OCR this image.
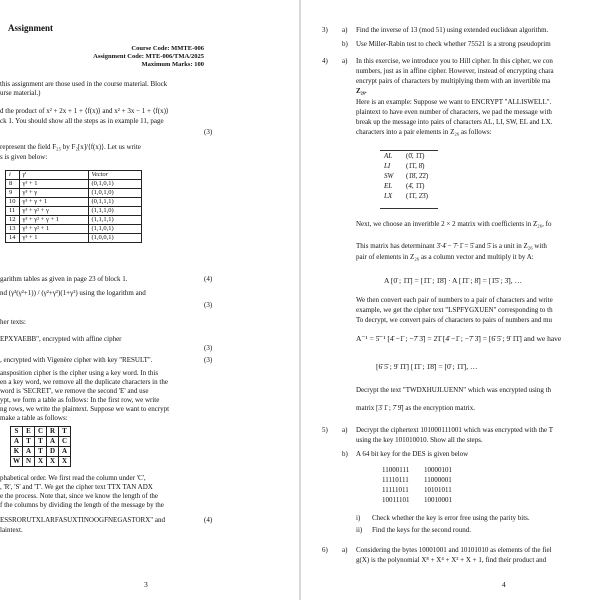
Assignment
Course Code: MMTE-006
Assignment Code: MTE-006/TMA/2025
Maximum Marks: 100
this assignment are those used in the course material. Block
urse material.)
d the product of x² + 2x + 1 + ⟨f(x)⟩ and x² + 3x − 1 + ⟨f(x)⟩
ck 1. You should show all the steps as in example 11, page
(3)
represent the field F₂₅ by F₂[x]/⟨f(x)⟩. Let us write
s is given below:
i	γⁱ	Vector
8	γ³ + 1	(0,1,0,1)
9	γ³ + γ	(1,0,1,0)
10	γ³ + γ + 1	(0,1,1,1)
11	γ³ + γ² + γ	(1,1,1,0)
12	γ³ + γ² + γ + 1	(1,1,1,1)
13	γ³ + γ² + 1	(1,1,0,1)
14	γ³ + 1	(1,0,0,1)
garithm tables as given in page 23 of block 1.	(4)
nd (γ³(γ²+1)) / (γ²+γ²)(1+γ²) using the logarithm and
(3)
her texts:
EPXYAEBB", encrypted with affine cipher
(3)
, encrypted with Vigenère cipher with key "RESULT".	(3)
ansposition cipher is the cipher using a key word. In this
en a key word, we remove all the duplicate characters in the
word is 'SECRET', we remove the second 'E' and use
ypt, we form a table as follows: In the first row, we write
ng rows, we write the plaintext. Suppose we want to encrypt
make a table as follows:
S	E	C	R	T
A	T	T	A	C
K	A	T	D	A
W	N	X	X	X
phabetical order. We first read the column under 'C',
, 'R', 'S' and 'T'. We get the cipher text TTX TAN ADX
e the process. Note that, since we know the length of the
f the columns by dividing the length of the message by the
ESSRORUTXLARFASUXTINOOGFNEGASTORX" and	(4)
laintext.
3
3) a) Find the inverse of 13 (mod 51) using extended euclidean algorithm.
b) Use Miller-Rabin test to check whether 75521 is a strong pseudoprim
4) a) In this exercise, we introduce you to Hill cipher. In this cipher, we con
numbers, just as in affine cipher. However, instead of encrypting chara
encrypt pairs of characters by multiplying them with an invertible ma
Z₂₆.
Here is an example: Suppose we want to ENCRYPT "ALLISWELL".
plaintext to have even number of characters, we pad the message with
break up the message into pairs of characters AL, LI, SW, EL and LX.
characters into a pair elements in Z₂₆ as follows:
AL (0̄, 1̄1̄)
LI (1̄1̄, 8̄)
SW (1̄8̄, 2̄2̄)
EL (4̄, 1̄1̄)
LX (1̄1̄, 2̄3̄)
Next, we choose an inveritble 2 × 2 matrix with coefficients in Z₂₆, fo
This matrix has determinant 3̄·4̄ − 7̄·1̄ = 5̄ and 5̄ is a unit in Z₂₆ with
pair of elements in Z₂₆ as a column vector and multiply it by A:
A [0̄ ; 1̄1̄] = [1̄1̄ ; 1̄8̄] · A [1̄1̄ ; 8̄] = [1̄5̄ ; 3̄], …
We then convert each pair of numbers to a pair of characters and write
example, we get the cipher text "LSPFYGXUEN" corresponding to th
To decrypt, we convert pairs of characters to pairs of numbers and mu
A⁻¹ = 5̄⁻¹ [4̄ −1̄ ; −7̄ 3̄] = 2̄1̄ [4̄ −1̄ ; −7̄ 3̄] = [6̄ 5̄ ; 9̄ 1̄1̄] and we have
[6̄ 5̄ ; 9̄ 1̄1̄] [1̄1̄ ; 1̄8̄] = [0̄ ; 1̄1̄], …
Decrypt the text "TWDXHUJLUENN" which was encrypted using th
matrix [3̄ 1̄ ; 7̄ 9̄] as the encryption matrix.
5) a) Decrypt the ciphertext 101000111001 which was encrypted with the T
using the key 101010010. Show all the steps.
b) A 64 bit key for the DES is given below
11000111 10000101
11110111 11000001
11111011 10101011
10011101 10010001
i) Check whether the key is error free using the parity bits.
ii) Find the keys for the second round.
6) a) Considering the bytes 10001001 and 10101010 as elements of the fiel
g(X) is the polynomial X⁸ + X⁴ + X³ + X + 1, find their product and
4
